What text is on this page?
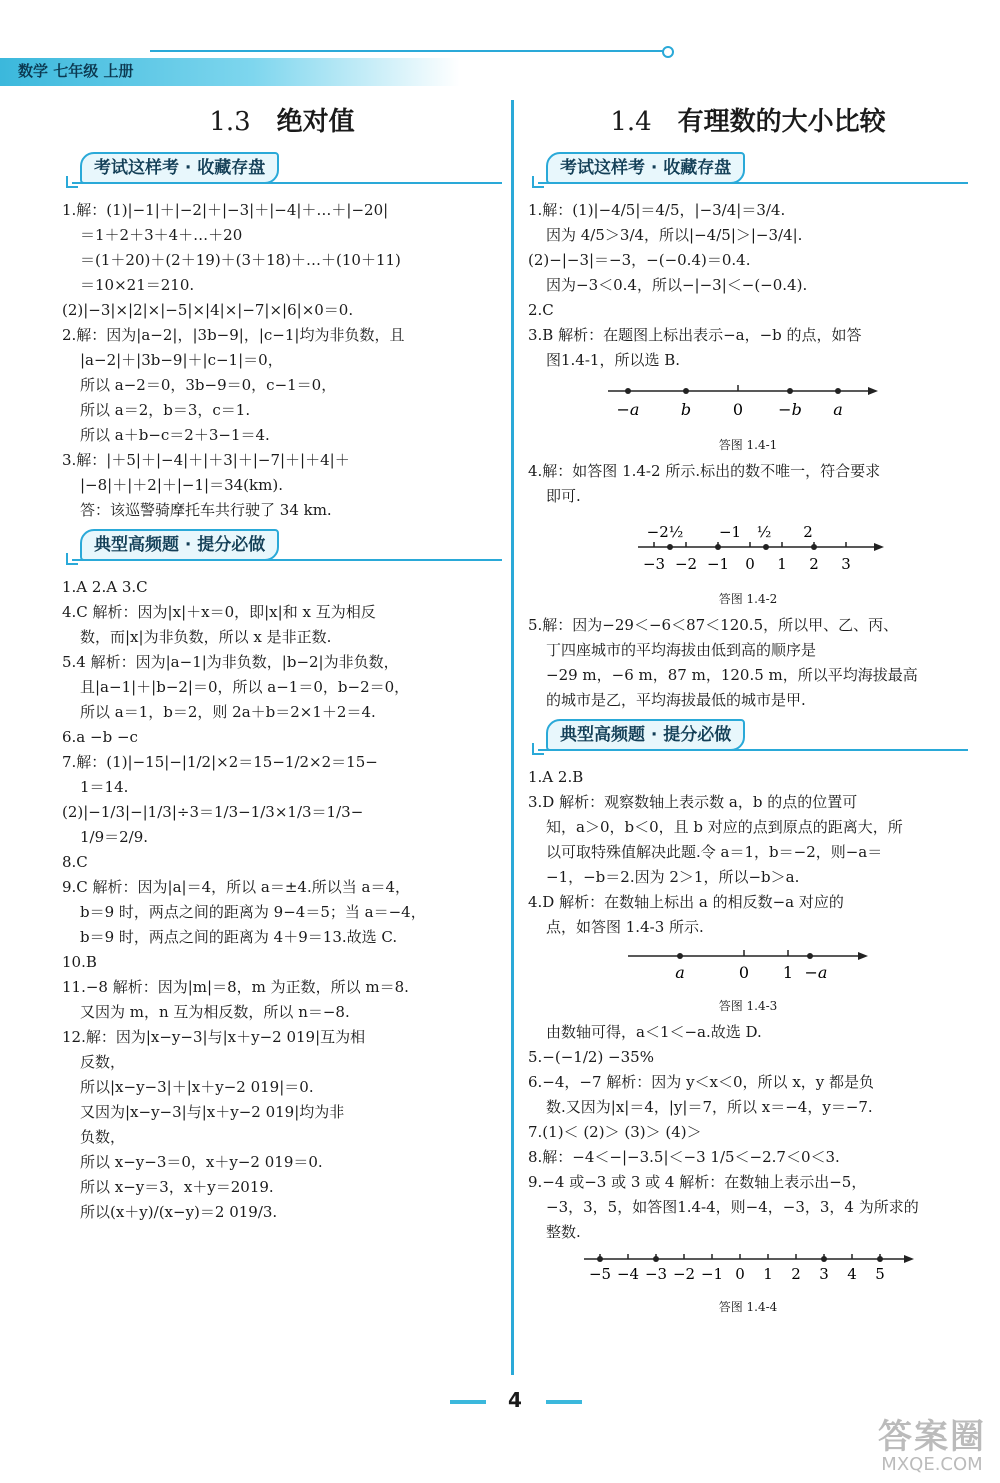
数学 七年级 上册
1.3 绝对值
考试这样考 · 收藏存盘

1.解：(1)|−1|＋|−2|＋|−3|＋|−4|＋…＋|−20|

＝1＋2＋3＋4＋…＋20

＝(1＋20)＋(2＋19)＋(3＋18)＋…＋(10＋11)

＝10×21＝210.

(2)|−3|×|2|×|−5|×|4|×|−7|×|6|×0＝0.

2.解：因为|a−2|，|3b−9|，|c−1|均为非负数，且

|a−2|＋|3b−9|＋|c−1|＝0，

所以 a−2＝0，3b−9＝0，c−1＝0，

所以 a＝2，b＝3，c＝1.

所以 a＋b−c＝2＋3−1＝4.

3.解：|＋5|＋|−4|＋|＋3|＋|−7|＋|＋4|＋

|−8|＋|＋2|＋|−1|＝34(km).

答：该巡警骑摩托车共行驶了 34 km.

典型高频题 · 提分必做

1.A 2.A 3.C

4.C 解析：因为|x|＋x＝0，即|x|和 x 互为相反

数，而|x|为非负数，所以 x 是非正数.

5.4 解析：因为|a−1|为非负数，|b−2|为非负数，

且|a−1|＋|b−2|＝0，所以 a−1＝0，b−2＝0，

所以 a＝1，b＝2，则 2a＋b＝2×1＋2＝4.

6.a −b −c

7.解：(1)|−15|−|1/2|×2＝15−1/2×2＝15−

1＝14.

(2)|−1/3|−|1/3|÷3＝1/3−1/3×1/3＝1/3−

1/9＝2/9.

8.C

9.C 解析：因为|a|＝4，所以 a＝±4.所以当 a＝4，

b＝9 时，两点之间的距离为 9−4＝5；当 a＝−4，

b＝9 时，两点之间的距离为 4＋9＝13.故选 C.

10.B

11.−8 解析：因为|m|＝8，m 为正数，所以 m＝8.

又因为 m，n 互为相反数，所以 n＝−8.

12.解：因为|x−y−3|与|x＋y−2 019|互为相

反数，

所以|x−y−3|＋|x＋y−2 019|＝0.

又因为|x−y−3|与|x＋y−2 019|均为非

负数，

所以 x−y−3＝0，x＋y−2 019＝0.

所以 x−y＝3，x＋y＝2019.

所以(x＋y)/(x−y)＝2 019/3.

1.4 有理数的大小比较
考试这样考 · 收藏存盘

1.解：(1)|−4/5|＝4/5，|−3/4|＝3/4.

因为 4/5＞3/4，所以|−4/5|＞|−3/4|.

(2)−|−3|＝−3，−(−0.4)＝0.4.

因为−3＜0.4，所以−|−3|＜−(−0.4).

2.C

3.B 解析：在题图上标出表示−a，−b 的点，如答

图1.4-1，所以选 B.

−a	b	0 −b a
答图 1.4-1

4.解：如答图 1.4-2 所示.标出的数不唯一，符合要求

即可.

−2½ −1 ½ 2
−3 −2 −1 0 1 2 3
答图 1.4-2

5.解：因为−29＜−6＜87＜120.5，所以甲、乙、丙、

丁四座城市的平均海拔由低到高的顺序是

−29 m，−6 m，87 m，120.5 m，所以平均海拔最高

的城市是乙，平均海拔最低的城市是甲.

典型高频题 · 提分必做

1.A 2.B

3.D 解析：观察数轴上表示数 a，b 的点的位置可

知，a＞0，b＜0，且 b 对应的点到原点的距离大，所

以可取特殊值解决此题.令 a＝1，b＝−2，则−a＝

−1，−b＝2.因为 2＞1，所以−b＞a.

4.D 解析：在数轴上标出 a 的相反数−a 对应的

点，如答图 1.4-3 所示.

a	0 1 −a
答图 1.4-3

由数轴可得，a＜1＜−a.故选 D.

5.−(−1/2) −35%

6.−4，−7 解析：因为 y＜x＜0，所以 x，y 都是负

数.又因为|x|＝4，|y|＝7，所以 x＝−4，y＝−7.

7.(1)＜ (2)＞ (3)＞ (4)＞

8.解：−4＜−|−3.5|＜−3 1/5＜−2.7＜0＜3.

9.−4 或−3 或 3 或 4 解析：在数轴上表示出−5，

−3，3，5，如答图1.4-4，则−4，−3，3，4 为所求的

整数.

−5 −4 −3 −2 −1 0 1 2 3 4 5
答图 1.4-4
4
答案圈
MXQE.COM
